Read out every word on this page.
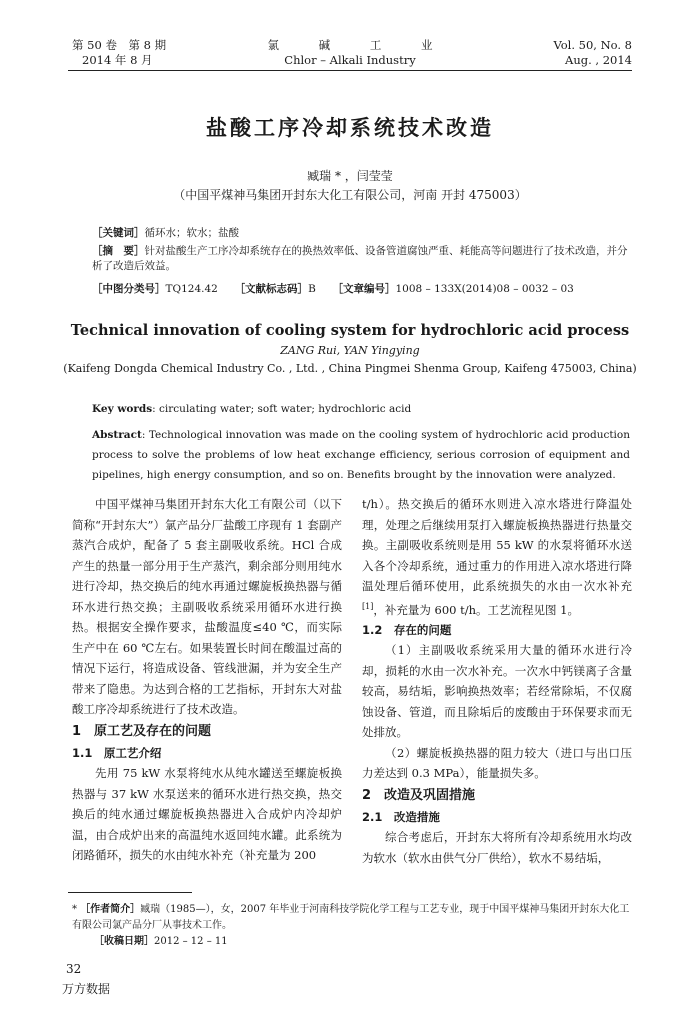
第 50 卷　第 8 期
2014 年 8 月
氯 碱 工 业
Chlor – Alkali Industry
Vol. 50, No. 8
Aug. , 2014
盐酸工序冷却系统技术改造
臧瑞 * ，闫莹莹
（中国平煤神马集团开封东大化工有限公司，河南 开封 475003）
［关键词］循环水；软水；盐酸
［摘　要］针对盐酸生产工序冷却系统存在的换热效率低、设备管道腐蚀严重、耗能高等问题进行了技术改造，并分析了改造后效益。
［中图分类号］TQ124.42 ［文献标志码］B ［文章编号］1008 – 133X(2014)08 – 0032 – 03
Technical innovation of cooling system for hydrochloric acid process
ZANG Rui, YAN Yingying
(Kaifeng Dongda Chemical Industry Co. , Ltd. , China Pingmei Shenma Group, Kaifeng 475003, China)
Key words: circulating water; soft water; hydrochloric acid
Abstract: Technological innovation was made on the cooling system of hydrochloric acid production process to solve the problems of low heat exchange efficiency, serious corrosion of equipment and pipelines, high energy consumption, and so on. Benefits brought by the innovation were analyzed.

中国平煤神马集团开封东大化工有限公司（以下简称“开封东大”）氯产品分厂盐酸工序现有 1 套副产蒸汽合成炉，配备了 5 套主副吸收系统。HCl 合成产生的热量一部分用于生产蒸汽，剩余部分则用纯水进行冷却，热交换后的纯水再通过螺旋板换热器与循环水进行热交换；主副吸收系统采用循环水进行换热。根据安全操作要求，盐酸温度≤40 ℃，而实际生产中在 60 ℃左右。如果装置长时间在酸温过高的情况下运行，将造成设备、管线泄漏，并为安全生产带来了隐患。为达到合格的工艺指标，开封东大对盐酸工序冷却系统进行了技术改造。

1　原工艺及存在的问题
1.1　原工艺介绍

先用 75 kW 水泵将纯水从纯水罐送至螺旋板换热器与 37 kW 水泵送来的循环水进行热交换，热交换后的纯水通过螺旋板换热器进入合成炉内冷却炉温，由合成炉出来的高温纯水返回纯水罐。此系统为闭路循环，损失的水由纯水补充（补充量为 200

t/h）。热交换后的循环水则进入凉水塔进行降温处理，处理之后继续用泵打入螺旋板换热器进行热量交换。主副吸收系统则是用 55 kW 的水泵将循环水送入各个冷却系统，通过重力的作用进入凉水塔进行降温处理后循环使用，此系统损失的水由一次水补充[1]，补充量为 600 t/h。工艺流程见图 1。

1.2　存在的问题

（1）主副吸收系统采用大量的循环水进行冷却，损耗的水由一次水补充。一次水中钙镁离子含量较高，易结垢，影响换热效率；若经常除垢，不仅腐蚀设备、管道，而且除垢后的废酸由于环保要求而无处排放。

（2）螺旋板换热器的阻力较大（进口与出口压力差达到 0.3 MPa），能量损失多。

2　改造及巩固措施
2.1　改造措施

综合考虑后，开封东大将所有冷却系统用水均改为软水（软水由供气分厂供给），软水不易结垢，

* ［作者简介］臧瑞（1985—），女，2007 年毕业于河南科技学院化学工程与工艺专业，现于中国平煤神马集团开封东大化工有限公司氯产品分厂从事技术工作。
［收稿日期］2012 – 12 – 11
32
万方数据
